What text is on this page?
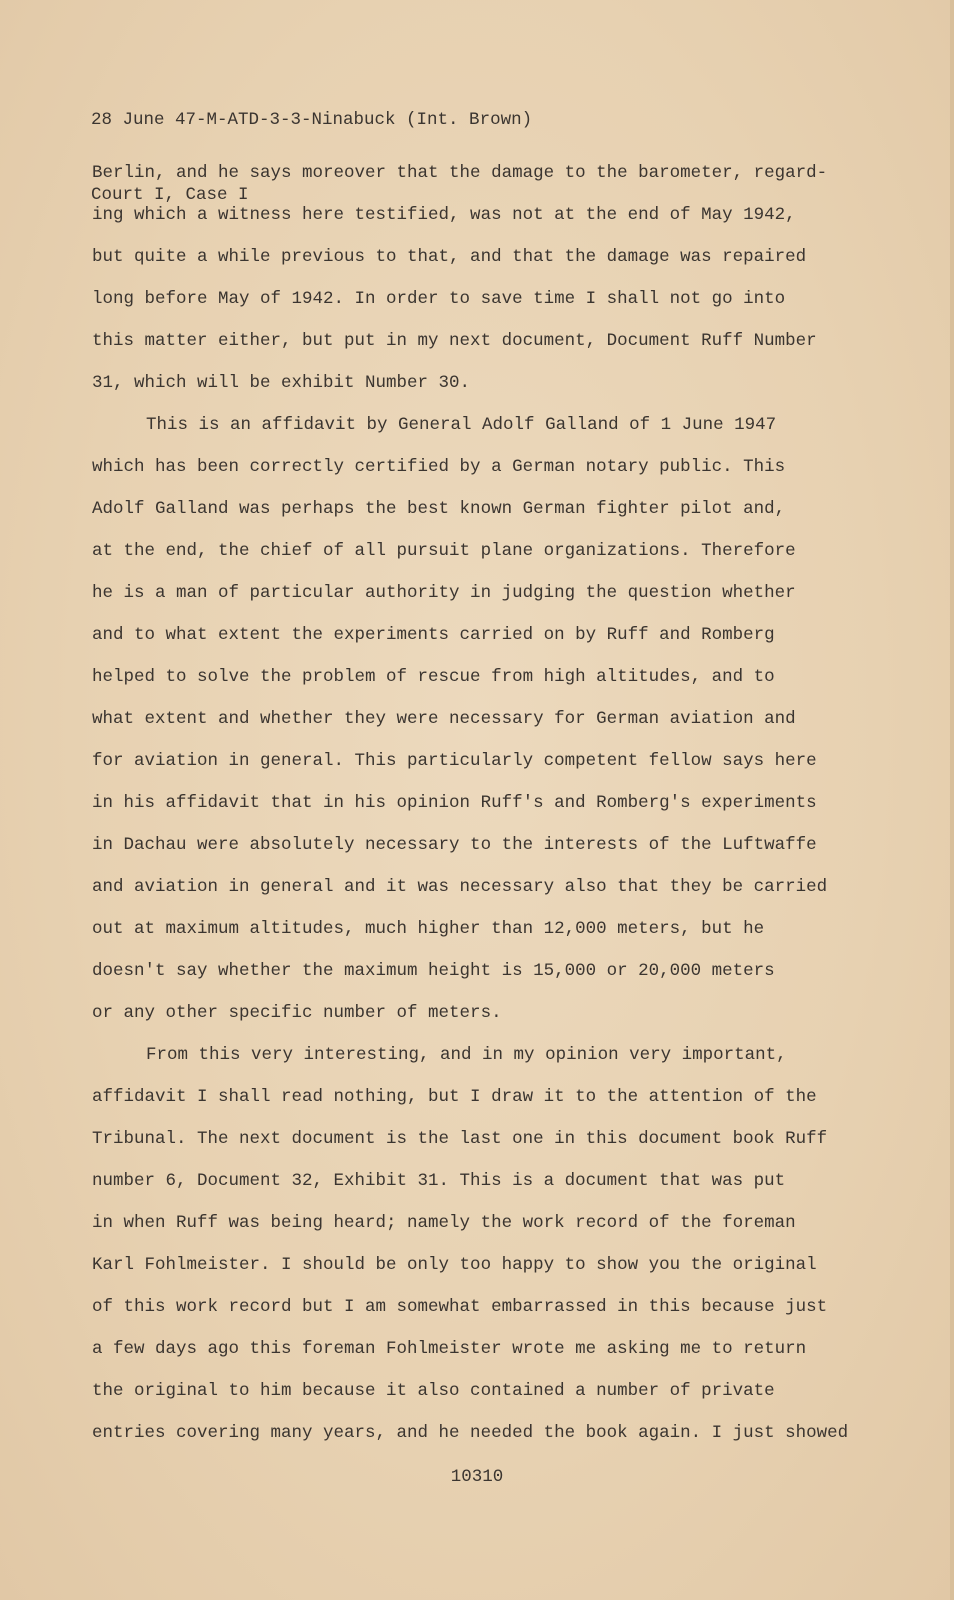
28 June 47-M-ATD-3-3-Ninabuck (Int. Brown)

Court I, Case I

Berlin, and he says moreover that the damage to the barometer, regard-
ing which a witness here testified, was not at the end of May 1942,
but quite a while previous to that, and that the damage was repaired
long before May of 1942. In order to save time I shall not go into
this matter either, but put in my next document, Document Ruff Number
31, which will be exhibit Number 30.
This is an affidavit by General Adolf Galland of 1 June 1947
which has been correctly certified by a German notary public. This
Adolf Galland was perhaps the best known German fighter pilot and,
at the end, the chief of all pursuit plane organizations. Therefore
he is a man of particular authority in judging the question whether
and to what extent the experiments carried on by Ruff and Romberg
helped to solve the problem of rescue from high altitudes, and to
what extent and whether they were necessary for German aviation and
for aviation in general. This particularly competent fellow says here
in his affidavit that in his opinion Ruff's and Romberg's experiments
in Dachau were absolutely necessary to the interests of the Luftwaffe
and aviation in general and it was necessary also that they be carried
out at maximum altitudes, much higher than 12,000 meters, but he
doesn't say whether the maximum height is 15,000 or 20,000 meters
or any other specific number of meters.
From this very interesting, and in my opinion very important,
affidavit I shall read nothing, but I draw it to the attention of the
Tribunal. The next document is the last one in this document book Ruff
number 6, Document 32, Exhibit 31. This is a document that was put
in when Ruff was being heard; namely the work record of the foreman
Karl Fohlmeister. I should be only too happy to show you the original
of this work record but I am somewhat embarrassed in this because just
a few days ago this foreman Fohlmeister wrote me asking me to return
the original to him because it also contained a number of private
entries covering many years, and he needed the book again. I just showed
10310
